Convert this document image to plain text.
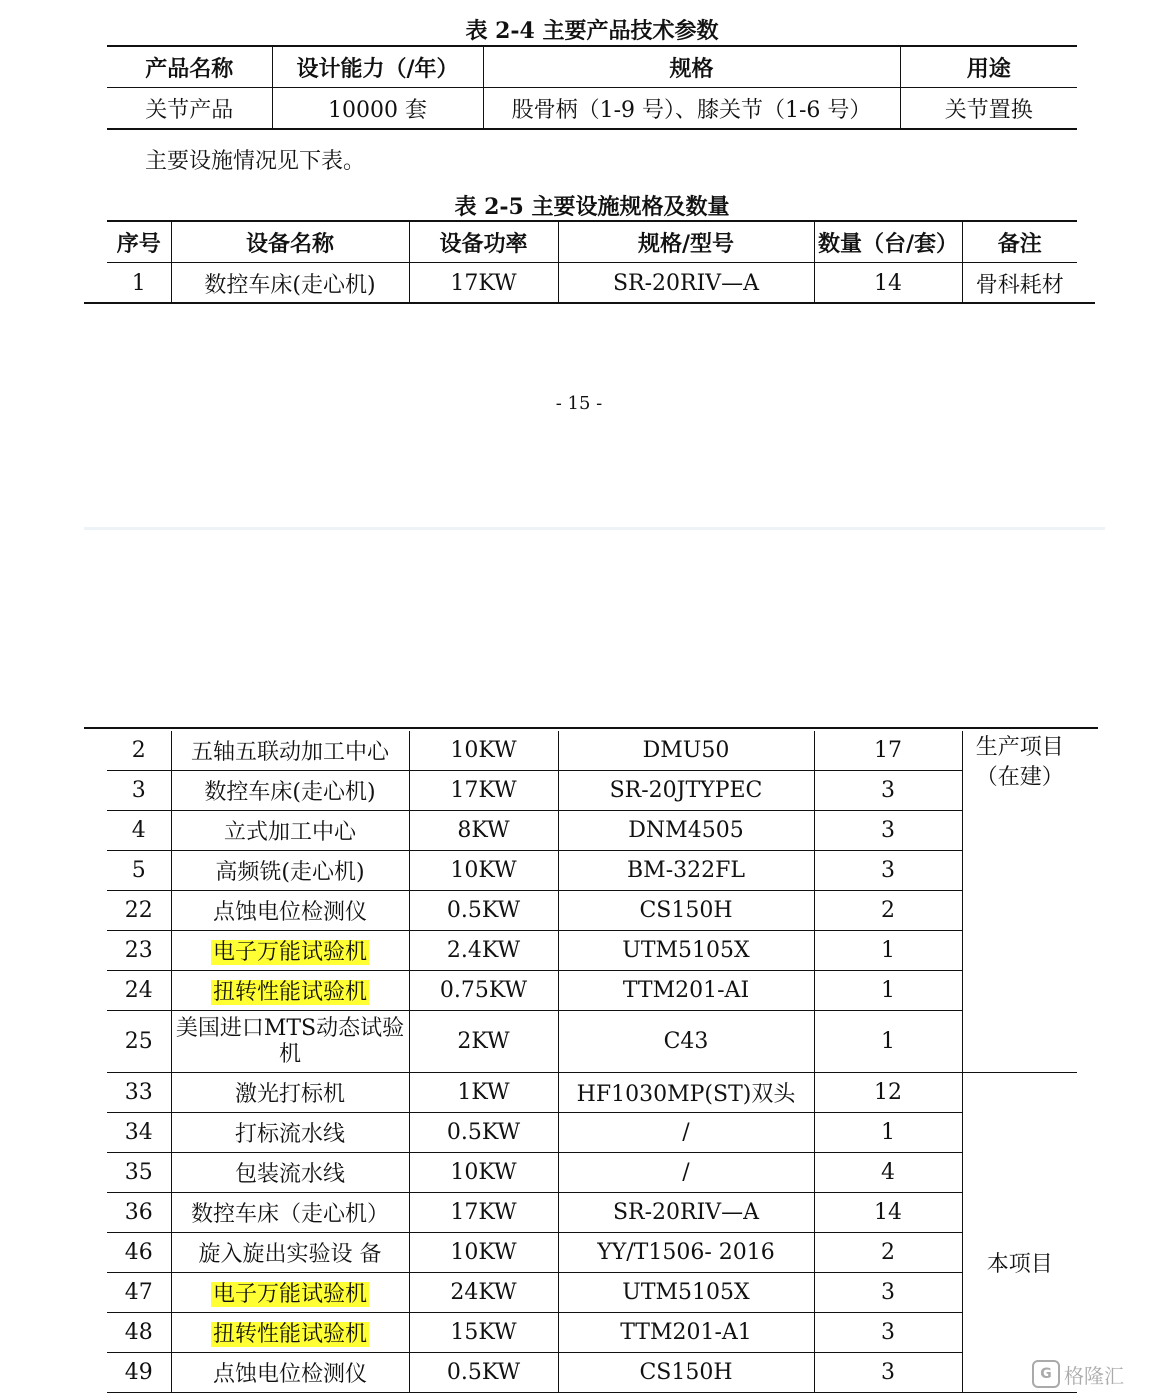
表 2-4 主要产品技术参数
产品名称	设计能力（/年）	规格	用途
关节产品	10000 套	股骨柄（1-9 号）、膝关节（1-6 号）	关节置换
主要设施情况见下表。
表 2-5 主要设施规格及数量
序号	设备名称	设备功率	规格/型号	数量（台/套）	备注
1	数控车床(走心机)	17KW	SR-20RIV—A	14	骨科耗材
- 15 -
2	五轴五联动加工中心	10KW	DMU50	17	生产项目（在建）
3	数控车床(走心机)	17KW	SR-20JTYPEC	3	
4	立式加工中心	8KW	DNM4505	3	
5	高频铣(走心机)	10KW	BM-322FL	3	
22	点蚀电位检测仪	0.5KW	CS150H	2	
23	电子万能试验机	2.4KW	UTM5105X	1	
24	扭转性能试验机	0.75KW	TTM201-AI	1	
25	美国进口MTS动态试验机	2KW	C43	1	
33	激光打标机	1KW	HF1030MP(ST)双头	12	本项目
34	打标流水线	0.5KW	/	1	
35	包装流水线	10KW	/	4	
36	数控车床（走心机）	17KW	SR-20RIV—A	14	
46	旋入旋出实验设 备	10KW	YY/T1506- 2016	2	
47	电子万能试验机	24KW	UTM5105X	3	
48	扭转性能试验机	15KW	TTM201-A1	3	
49	点蚀电位检测仪	0.5KW	CS150H	3		G 格隆汇
